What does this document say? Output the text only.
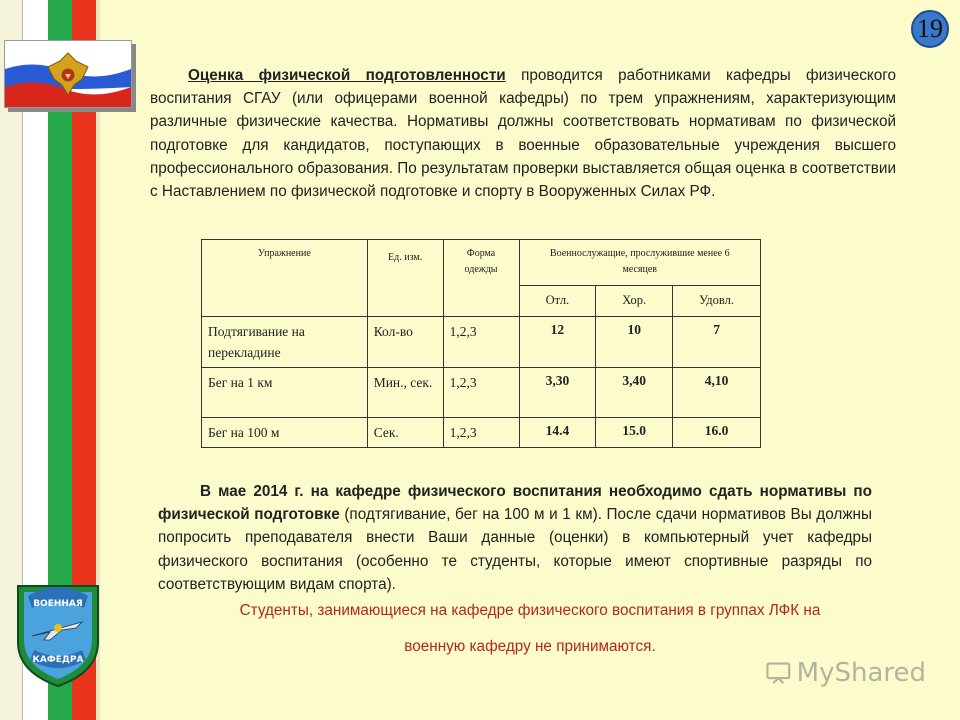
19
Оценка физической подготовленности проводится работниками кафедры физического воспитания СГАУ (или офицерами военной кафедры) по трем упражнениям, характеризующим различные физические качества. Нормативы должны соответствовать нормативам по физической подготовке для кандидатов, поступающих в военные образовательные учреждения высшего профессионального образования. По результатам проверки выставляется общая оценка в соответствии с Наставлением по физической подготовке и спорту в Вооруженных Силах РФ.
Упражнение	Ед. изм.	Форма одежды	Военнослужащие, прослужившие менее 6 месяцев		
			Отл.	Хор.	Удовл.
Подтягивание на перекладине	Кол-во	1,2,3	12	10	7
Бег на 1 км	Мин., сек.	1,2,3	3,30	3,40	4,10
Бег на 100 м	Сек.	1,2,3	14.4	15.0	16.0
В мае 2014 г. на кафедре физического воспитания необходимо сдать нормативы по физической подготовке (подтягивание, бег на 100 м и 1 км). После сдачи нормативов Вы должны попросить преподавателя внести Ваши данные (оценки) в компьютерный учет кафедры физического воспитания (особенно те студенты, которые имеют спортивные разряды по соответствующим видам спорта).
Студенты, занимающиеся на кафедре физического воспитания в группах ЛФК на
военную кафедру не принимаются.
ВОЕННАЯ
КАФЕДРА	MyShared
